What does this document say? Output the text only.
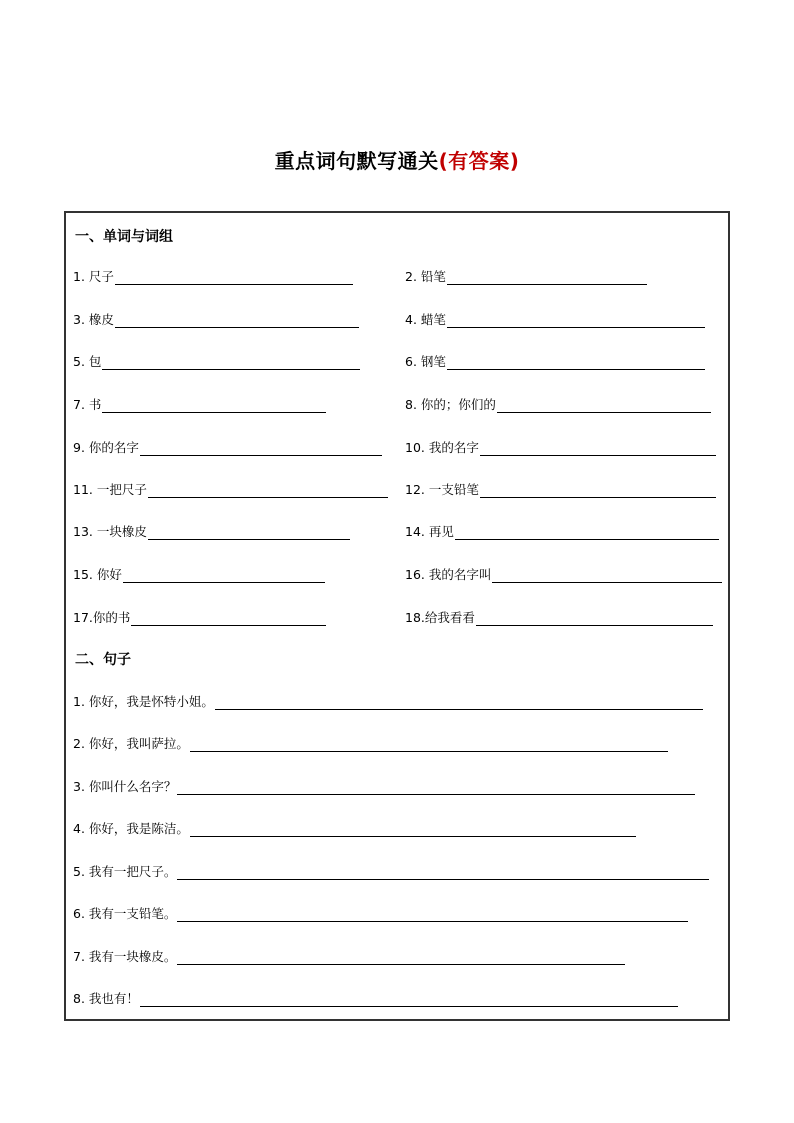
重点词句默写通关(有答案)
一、单词与词组
1. 尺子	2. 铅笔
3. 橡皮	4. 蜡笔
5. 包	6. 钢笔
7. 书	8. 你的；你们的
9. 你的名字	10. 我的名字
11. 一把尺子	12. 一支铅笔
13. 一块橡皮	14. 再见
15. 你好	16. 我的名字叫
17.你的书	18.给我看看
二、句子
1. 你好，我是怀特小姐。
2. 你好，我叫萨拉。
3. 你叫什么名字？
4. 你好，我是陈洁。
5. 我有一把尺子。
6. 我有一支铅笔。
7. 我有一块橡皮。
8. 我也有！
